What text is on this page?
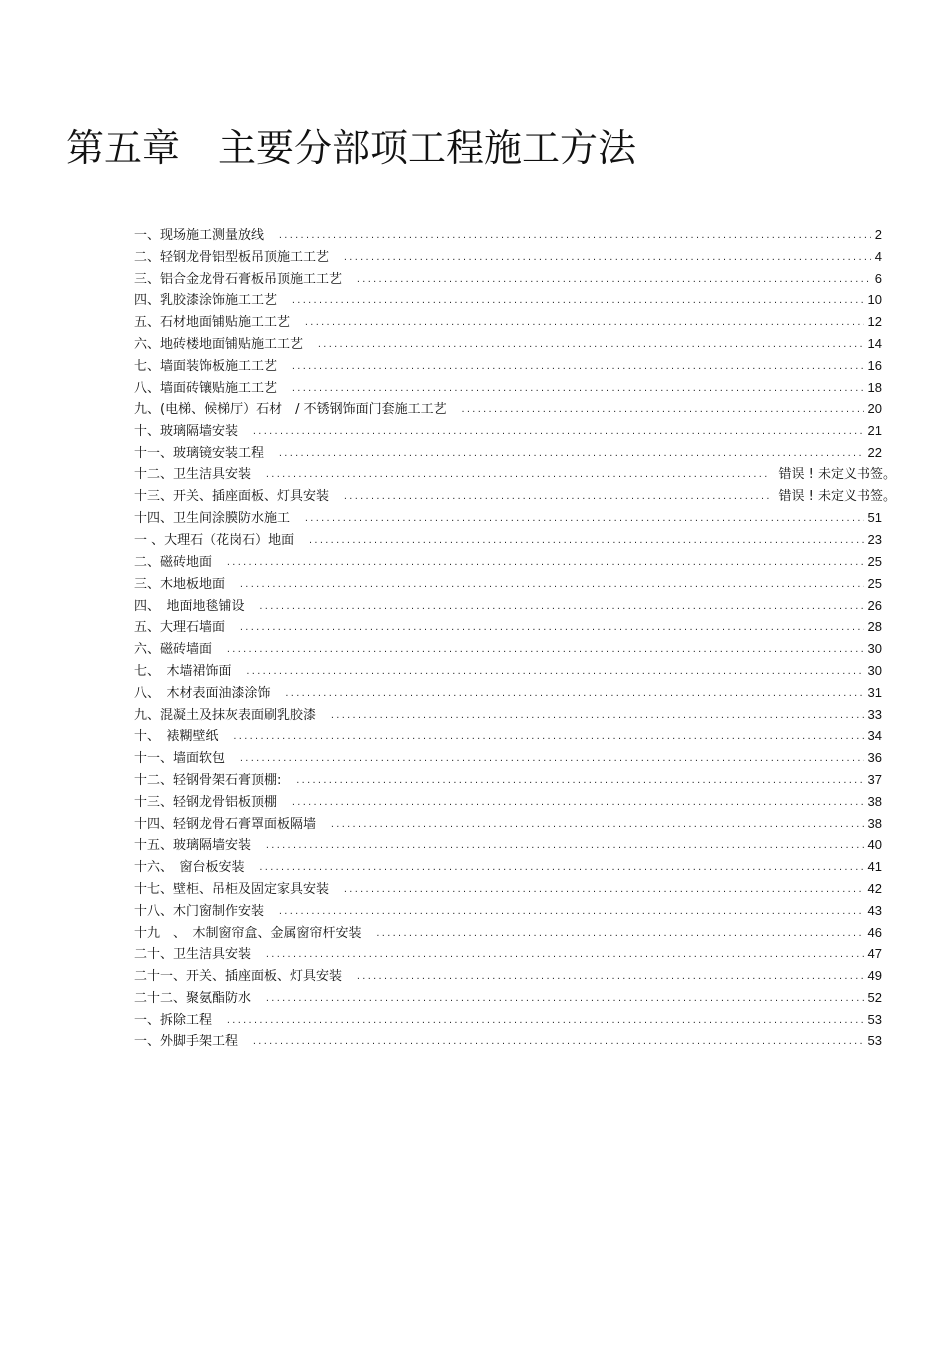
第五章　主要分部项工程施工方法
一、现场施工测量放线 .....	2
二、轻钢龙骨铝型板吊顶施工工艺 .....	4
三、铝合金龙骨石膏板吊顶施工工艺 .....	6
四、乳胶漆涂饰施工工艺 .....	10
五、石材地面铺贴施工工艺 .....	12
六、地砖楼地面铺贴施工工艺 .....	14
七、墙面装饰板施工工艺 .....	16
八、墙面砖镶贴施工工艺 .....	18
九、(电梯、候梯厅）石材　/ 不锈钢饰面门套施工工艺 .....	20
十、玻璃隔墙安装 .....	21
十一、玻璃镜安装工程 .....	22
十二、卫生洁具安装 .....	错误 ! 未定义书签。
十三、开关、插座面板、灯具安装 .....	错误 ! 未定义书签。
十四、卫生间涂膜防水施工 .....	51
一 、大理石（花岗石）地面 .....	23
二、磁砖地面 .....	25
三、木地板地面 .....	25
四、　地面地毯铺设 .....	26
五、大理石墙面 .....	28
六、磁砖墙面 .....	30
七、　木墙裙饰面 .....	30
八、　木材表面油漆涂饰 .....	31
九、混凝土及抹灰表面刷乳胶漆 .....	33
十、　裱糊壁纸 .....	34
十一、墙面软包 .....	36
十二、轻钢骨架石膏顶棚: .....	37
十三、轻钢龙骨铝板顶棚 .....	38
十四、轻钢龙骨石膏罩面板隔墙 .....	38
十五、玻璃隔墙安装 .....	40
十六、　窗台板安装 .....	41
十七、壁柜、吊柜及固定家具安装 .....	42
十八、木门窗制作安装 .....	43
十九　、　木制窗帘盒、金属窗帘杆安装 .....	46
二十、卫生洁具安装 .....	47
二十一、开关、插座面板、灯具安装 .....	49
二十二、聚氨酯防水 .....	52
一、拆除工程 .....	53
一、外脚手架工程 .....	53
